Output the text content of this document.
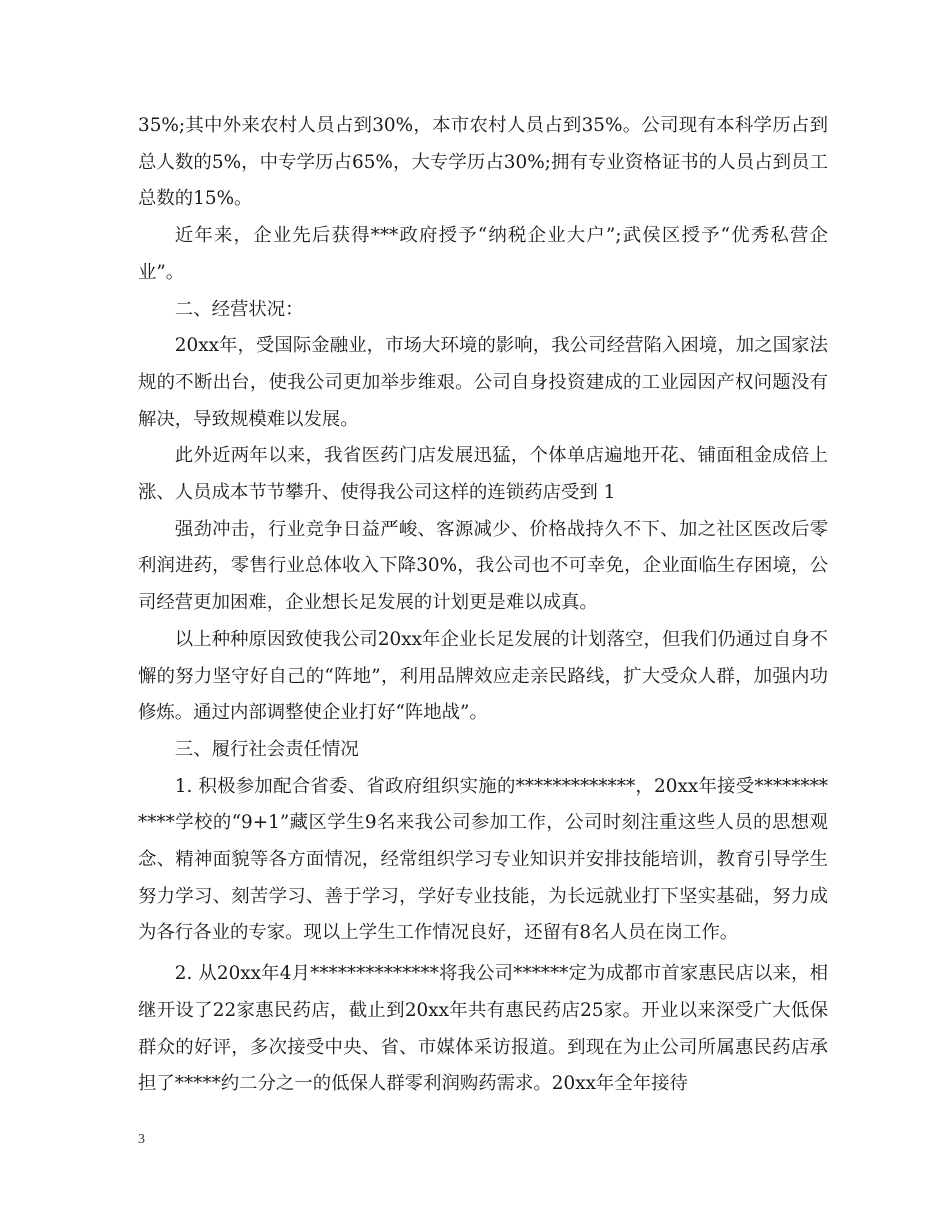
35%;其中外来农村人员占到30%，本市农村人员占到35%。公司现有本科学历占到总人数的5%，中专学历占65%，大专学历占30%;拥有专业资格证书的人员占到员工总数的15%。

近年来，企业先后获得***政府授予“纳税企业大户”;武侯区授予“优秀私营企业”。

二、经营状况：

20xx年，受国际金融业，市场大环境的影响，我公司经营陷入困境，加之国家法规的不断出台，使我公司更加举步维艰。公司自身投资建成的工业园因产权问题没有解决，导致规模难以发展。

此外近两年以来，我省医药门店发展迅猛，个体单店遍地开花、铺面租金成倍上涨、人员成本节节攀升、使得我公司这样的连锁药店受到 1

强劲冲击，行业竞争日益严峻、客源减少、价格战持久不下、加之社区医改后零利润进药，零售行业总体收入下降30%，我公司也不可幸免，企业面临生存困境，公司经营更加困难，企业想长足发展的计划更是难以成真。

以上种种原因致使我公司20xx年企业长足发展的计划落空，但我们仍通过自身不懈的努力坚守好自己的“阵地”，利用品牌效应走亲民路线，扩大受众人群，加强内功修炼。通过内部调整使企业打好“阵地战”。

三、履行社会责任情况

1. 积极参加配合省委、省政府组织实施的*************，20xx年接受************学校的“9+1”藏区学生9名来我公司参加工作，公司时刻注重这些人员的思想观念、精神面貌等各方面情况，经常组织学习专业知识并安排技能培训，教育引导学生努力学习、刻苦学习、善于学习，学好专业技能，为长远就业打下坚实基础，努力成为各行各业的专家。现以上学生工作情况良好，还留有8名人员在岗工作。

2. 从20xx年4月**************将我公司******定为成都市首家惠民店以来，相继开设了22家惠民药店，截止到20xx年共有惠民药店25家。开业以来深受广大低保群众的好评，多次接受中央、省、市媒体采访报道。到现在为止公司所属惠民药店承担了*****约二分之一的低保人群零利润购药需求。20xx年全年接待

3
